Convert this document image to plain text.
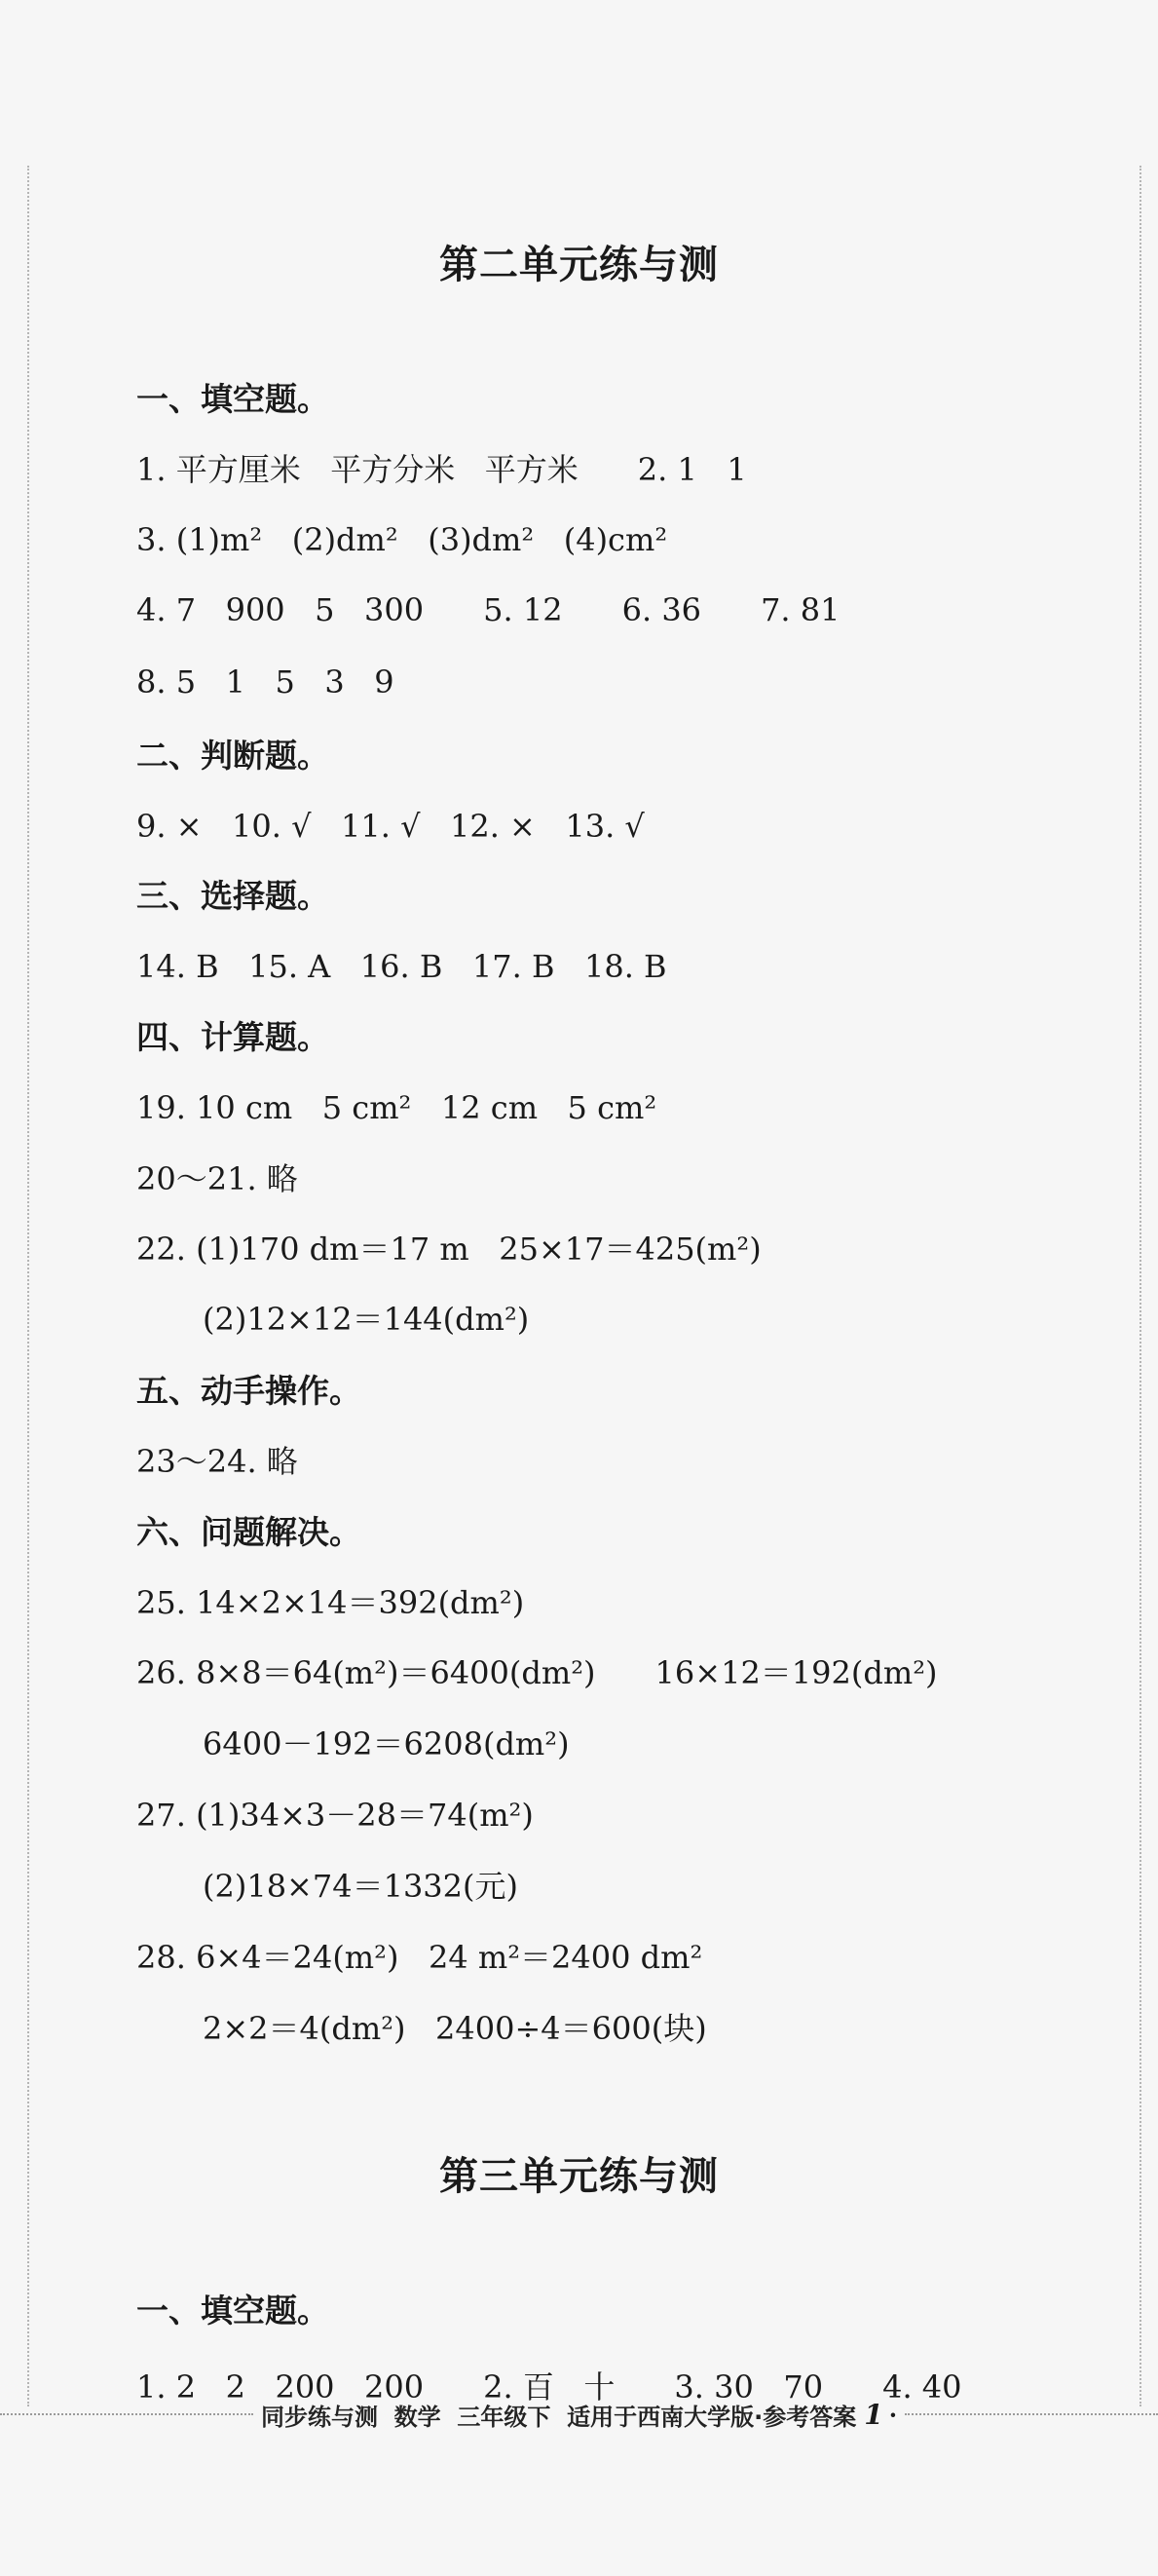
第二单元练与测
一、填空题。
1. 平方厘米   平方分米   平方米      2. 1   1
3. (1)m²   (2)dm²   (3)dm²   (4)cm²
4. 7   900   5   300      5. 12      6. 36      7. 81
8. 5   1   5   3   9
二、判断题。
9. ×   10. √   11. √   12. ×   13. √
三、选择题。
14. B   15. A   16. B   17. B   18. B
四、计算题。
19. 10 cm   5 cm²   12 cm   5 cm²
20～21. 略
22. (1)170 dm＝17 m   25×17＝425(m²)
(2)12×12＝144(dm²)
五、动手操作。
23～24. 略
六、问题解决。
25. 14×2×14＝392(dm²)
26. 8×8＝64(m²)＝6400(dm²)      16×12＝192(dm²)
6400－192＝6208(dm²)
27. (1)34×3－28＝74(m²)
(2)18×74＝1332(元)
28. 6×4＝24(m²)   24 m²＝2400 dm²
2×2＝4(dm²)   2400÷4＝600(块)
第三单元练与测
一、填空题。
1. 2   2   200   200      2. 百   十      3. 30   70      4. 40
同步练与测  数学  三年级下  适用于西南大学版·参考答案 1 ·
